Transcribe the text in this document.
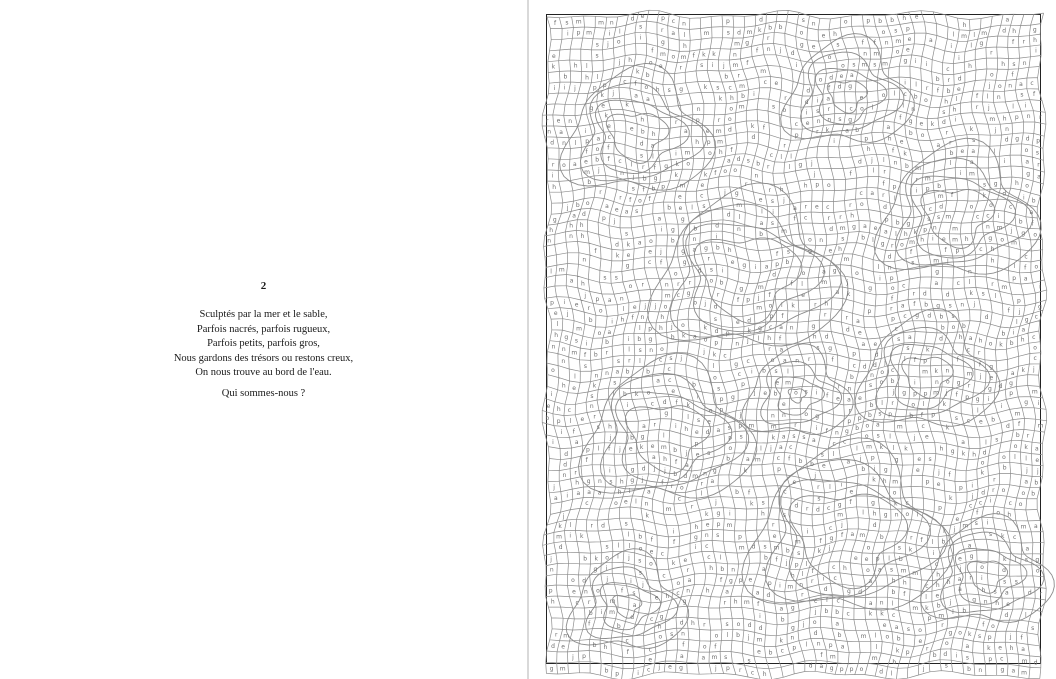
2
Sculptés par la mer et le sable,
Parfois nacrés, parfois rugueux,
Parfois petits, parfois gros,
Nous gardons des trésors ou restons creux,
On nous trouve au bord de l'eau.
Qui sommes-nous ?
f s m	m n
d e	p c n	p	d	s n	o	p b b h e
h
a
i p m	i l
s	r a l	m	s d m k b b
o	e h	o s p
l m l m	d h	g
s j o
i
g
h	m g
r
g e	s	f f n m e	a
i	l g	f r h
e	s
f m o m f k k	n
f n j d
o	n m	o e
i
r	i
k	h l
j h	o e	r	s i j m f	i	o s m s m	g i i
c	h	h s n
b	h l
k b	b r
m
o d e a
b r d
o	f
i i j	p p	c f o h s g	k s c m
c e
d	f d g
i l r f b e	j o n a c
k j	a a	k h b i
r
d i a	e	o l c b o	h l	f l n	s f
g e	k
n	o m	s o	i s r	c o l	l n	s h	r j	l i
r e n
k
h	r	p	r o
c e n n s g	f g e k d i	m h p n r
n a	i
e	e b h	a	e m d	k f
p	r k	a b	a
b o	r	k	j n
d n l p a c
d a	h p m
d
r
i	p	h e	a r	s	d g d p
f o f
s l	i m	o h f
c l l
h	f k	b e a	l	o s
r o a e b f c l r f g k o	a d s b r	l g j	d j l n b m
l	a	i	a r
i
m j	n j b g	k	k f o o
n	j	f	l r
r m
i m	g a
h
b
s f b p m	e	r
r h
h p o	f p
i p b	s g	h o
r
r f o f	e	c	j g
e s j
c a r l	m f	k	d
i b
j b o	a e a s
b e l s	m
l i
a r e c	r o	d	c d	o	o	c
a
g
a d
p j	a	g
d l
a s
f c	r r h
p b g
s s m	c c i
b f
h
h h
s
i g	b	d
n
b	m	d m g a e a l h k p n	m	n m j g o
n
n h
d k a o	b	n	i	o n	s	b l g r o m h i e m h	g o m
f
k e	e j	g a g b h
f s	g	e h
d
f	f p	c h
c
n
g	c f	g	r	e g i a p b	m
l n
s	m l	h
l f o
l m
s s
o	d s i
d	o	a g	o
i p
g	n
p a
a h	o r	n r r	o b
g m
f l	m	j
g	o c	a	c l	r m	i
j p a n	m c g	r
f p j f	e	a k
f
r d	d	k s l
p
p i e r o	l e j j o
o j d	m o i k	r h
p	r a f b g s n j
f j
g
e j
b	i h f n	h	s	e d
p f	r	r a	p c g d b s	d
l g c
l
m
o a
l p h j o	k d p	k g c a n	g
d e
c	b o b
b i a
h g s i	b	i b g	b k a o p	n j l h f	h d
a e
s a	d	h a h o k b h c
n n m f b r	l s n o	j k c
r a	s g
p	d
s	k	c r
o
n
s
s r l	c s j
l	g c	o a n r	f
c d d j	l f p	f
f g
c
o
l	n n a b	b	c
o	c i b s l
b	n o c	m k n	m j e
a k j
h e	k	s	a c
b
s
p	e m
r n	s o b	i	n o g r	g d g
i	s	l b k o	e
i	p g
j e b	o s i f e a e
j g p p m j f p g i
p	m
e h c
n	i	c d f k
o p
e
r
b l r	o l	k
l
i
g i
b p l e r	g
l s e
j	n n	o g
p p b s p	b f p	s c e b
m
i f
s h	a r	i h e d a s p m	m	r	i f n g b o a	m	c	k	d f	m
i	a
j	b g	l
p
p s	k a s s a	c c
o s l	j e
a	l s
b r
d
p l f j e k e m b j e s
o	l j a c
s l
l m k l k	h g k h d
o k a
d
f	a h f a
b	a m	c f b b e
a j p	g	e s
o
o l l e
n r	i	g d j j b d m n g	k	p
j
b i g	e	j f	k
b	j j
j
h g n s h g j	f r o
r a	e
r l i
k h m	p e	p i
r	a b
a i a a a	h i	a
c
l	b f	c
s
e	o
k	j d r o	o b
c	o e l n
m	r
j	k s	d r d c g f	g	k c
p	c c i	c o
j	k	k g i	h	s	m	l h g n o l
e
f	o h
k l	r d	s
i
h e p m	r
i	c j	d
r j m s i
m a
m i k	l b f	f
g n s	p	e
m	f g f a m b	r f l b
s k c
d	s l l o e c
i c	m d s m b s	k j	o	s k
i
a	a
j	b k o l j s o	k e	c l	b f j p l
e e p l b
c
e g	k l s g
n	g i
s	c
r	h b n	a
h l f
c h	o a s m m	h
j	o	d	o
o d	j	i j	o a	f g p e
p i m n r i c	a	h h
c h h a r i	s s
p	e n o	f s
e h c n	h	a	a d	r
d	g d	b f	l e
a	h s a	d r
h	c r	m
a
g	r h m f
a g
c f c	a n l
m k b j	g n h e
b i m
d	c g	i	b
j b b c	k k c	p m l b
d	l
f	b	h
d h r	s o d d	g j o	a	e a s o
r	f o	s
r m
c
o s n	o l b j m	k n
d	b	m l o b	e
g o k s p	j f
d e	b h
f	c
f	o f
e b c p l n p a	l	k p	r
o	a	k e h a
j p	e
a	a m s
s
f m	m
b
b d i s	p c	m d
g m	b p	i c j e g	j p r c h
d a g p p o	d l
j	s
b n	g a m
